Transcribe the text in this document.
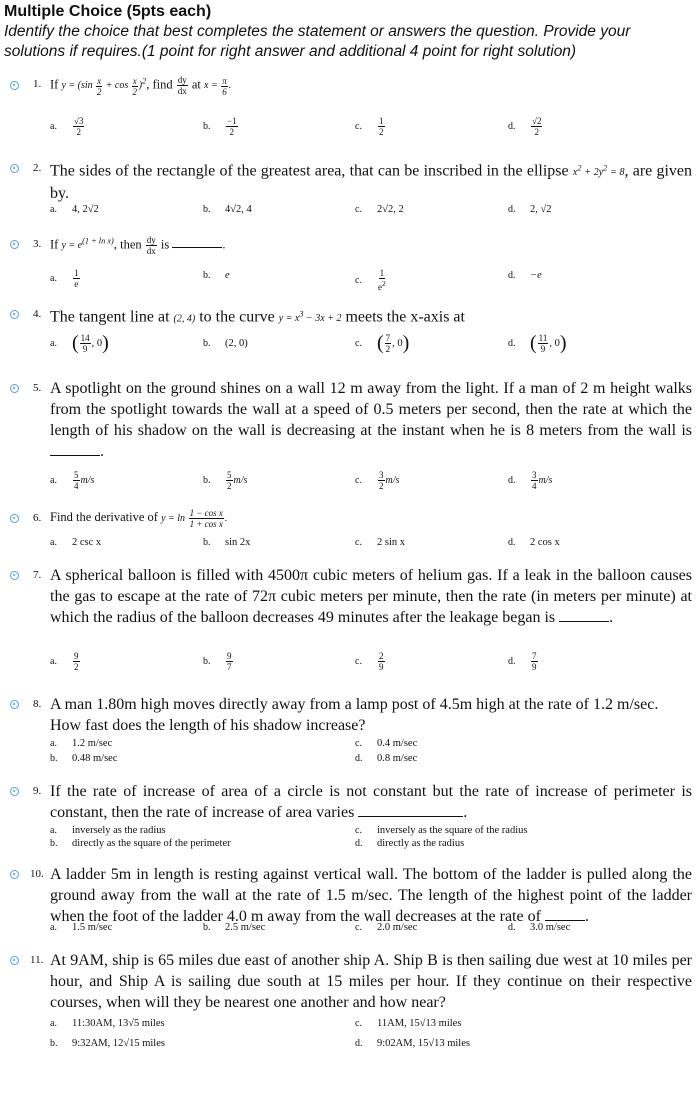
Multiple Choice (5pts each)
Identify the choice that best completes the statement or answers the question. Provide your solutions if requires.(1 point for right answer and additional 4 point for right solution)
1. If $y = (\sin \frac{x}{2} + \cos \frac{x}{2} )^2$, find $\frac{dy}{dx}$ at $x = \frac{\pi}{6}$ .
a.	$\frac{√3}{2}$	b.	$\frac{-1}{2}$	c.	$\frac{1}{2}$	d.	$\frac{√2}{2}$
2. The sides of the rectangle of the greatest area, that can be inscribed in the ellipse $x^2 + 2y^2 = 8$, are given by.
a.	4, 2√2	b.	4√2, 4	c.	2√2, 2	d.	2, √2
3. If $y = e^{(1 + ln x)}$, then $\frac{dy}{dx}$ is	.
a.	$\frac{1}{e}$	b.	e	c.	$\frac{1}{e^2}$	d.	−e
4. The tangent line at (2, 4) to the curve $y = x^3 - 3x + 2$ meets the x-axis at
a. ( $\frac{14}{9}$ , 0 )	b.	(2, 0)	c. ( $\frac{7}{2}$ , 0 )	d. ( $\frac{11}{9}$ , 0 )
5. A spotlight on the ground shines on a wall 12 m away from the light. If a man of 2 m height walks from the spotlight towards the wall at a speed of 0.5 meters per second, then the rate at which the length of his shadow on the wall is decreasing at the instant when he is 8 meters from the wall is .
a.	$\frac{5}{4} m/s$	b.	$\frac{5}{2} m/s$	c.	$\frac{3}{2} m/s$	d.	$\frac{3}{4} m/s$
6. Find the derivative of $y = \ln \frac{\text{1 − cos x}}{\text{1 + cos x}}$ .
a.	2 csc x	b.	sin 2x	c.	2 sin x	d.	2 cos x
7. A spherical balloon is filled with 4500π cubic meters of helium gas. If a leak in the balloon causes the gas to escape at the rate of 72π cubic meters per minute, then the rate (in meters per minute) at which the radius of the balloon decreases 49 minutes after the leakage began is	.
a.	$\frac{9}{2}$	b.	$\frac{9}{7}$	c.	$\frac{2}{9}$	d.	$\frac{7}{9}$
8. A man 1.80m high moves directly away from a lamp post of 4.5m high at the rate of 1.2 m/sec. How fast does the length of his shadow increase?
a.	1.2 m/sec
b.	0.48 m/sec
c.	0.4 m/sec
d.	0.8 m/sec
9. If the rate of increase of area of a circle is not constant but the rate of increase of perimeter is constant, then the rate of increase of area varies	.
a.	inversely as the radius
b.	directly as the square of the perimeter
c.	inversely as the square of the radius
d.	directly as the radius
10. A ladder 5m in length is resting against vertical wall. The bottom of the ladder is pulled along the ground away from the wall at the rate of 1.5 m/sec. The length of the highest point of the ladder when the foot of the ladder 4.0 m away from the wall decreases at the rate of	.
a.	1.5 m/sec	b.	2.5 m/sec	c.	2.0 m/sec	d.	3.0 m/sec
11. At 9AM, ship is 65 miles due east of another ship A. Ship B is then sailing due west at 10 miles per hour, and Ship A is sailing due south at 15 miles per hour. If they continue on their respective courses, when will they be nearest one another and how near?
a.	11:30AM, 13√5 miles
b.	9:32AM, 12√15 miles
c.	11AM, 15√13 miles
d.	9:02AM, 15√13 miles
